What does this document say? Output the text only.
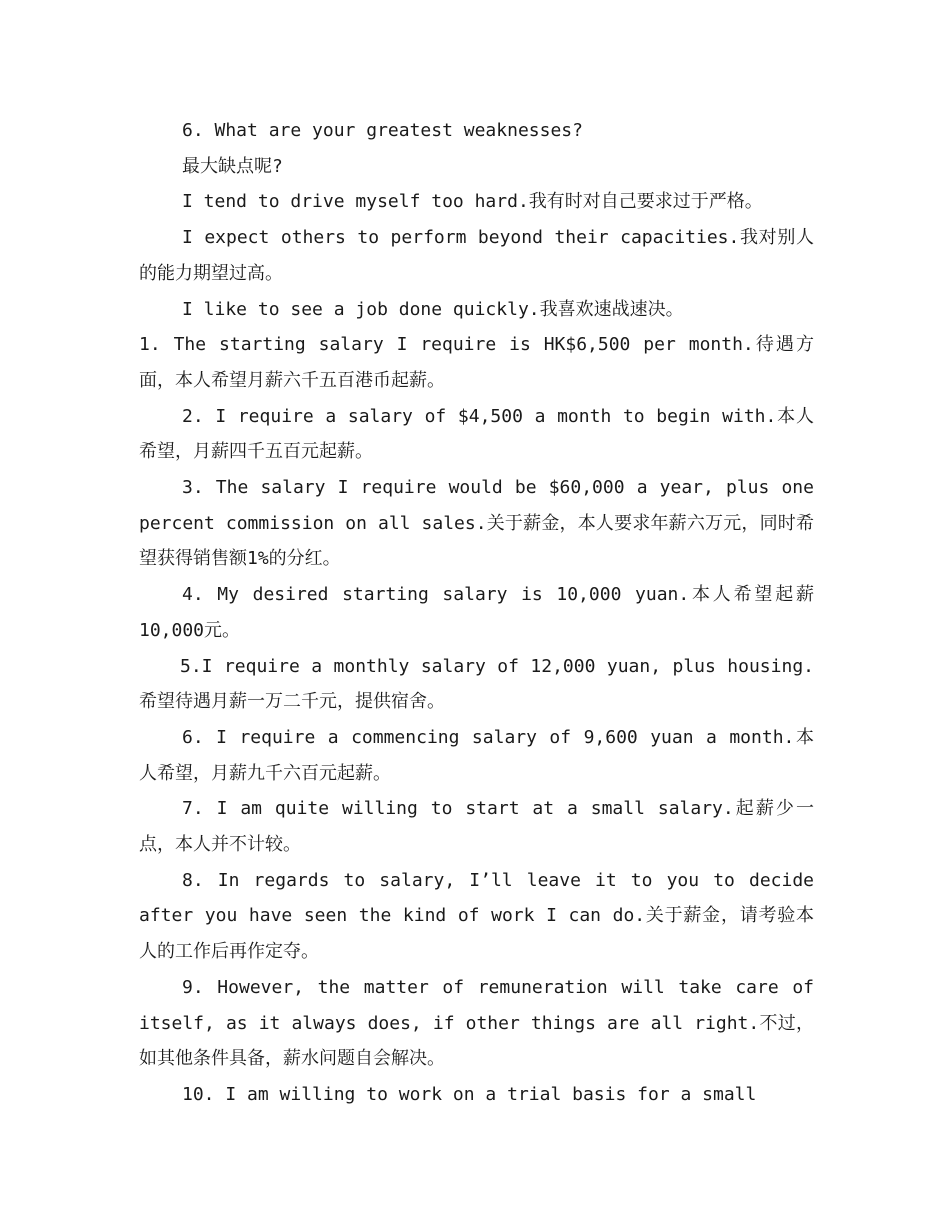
6. What are your greatest weaknesses?

最大缺点呢?

I tend to drive myself too hard.我有时对自己要求过于严格。

I expect others to perform beyond their capacities.我对别人的能力期望过高。

I like to see a job done quickly.我喜欢速战速决。

1. The starting salary I require is HK$6,500 per month.待遇方面，本人希望月薪六千五百港币起薪。

2. I require a salary of $4,500 a month to begin with.本人希望，月薪四千五百元起薪。

3. The salary I require would be $60,000 a year, plus one percent commission on all sales.关于薪金，本人要求年薪六万元，同时希望获得销售额1%的分红。

4. My desired starting salary is 10,000 yuan.本人希望起薪10,000元。

5.I require a monthly salary of 12,000 yuan, plus housing.希望待遇月薪一万二千元，提供宿舍。

6. I require a commencing salary of 9,600 yuan a month.本人希望，月薪九千六百元起薪。

7. I am quite willing to start at a small salary.起薪少一点，本人并不计较。

8. In regards to salary, I’ll leave it to you to decide after you have seen the kind of work I can do.关于薪金，请考验本人的工作后再作定夺。

9. However, the matter of remuneration will take care of itself, as it always does, if other things are all right.不过，如其他条件具备，薪水问题自会解决。

10. I am willing to work on a trial basis for a small
